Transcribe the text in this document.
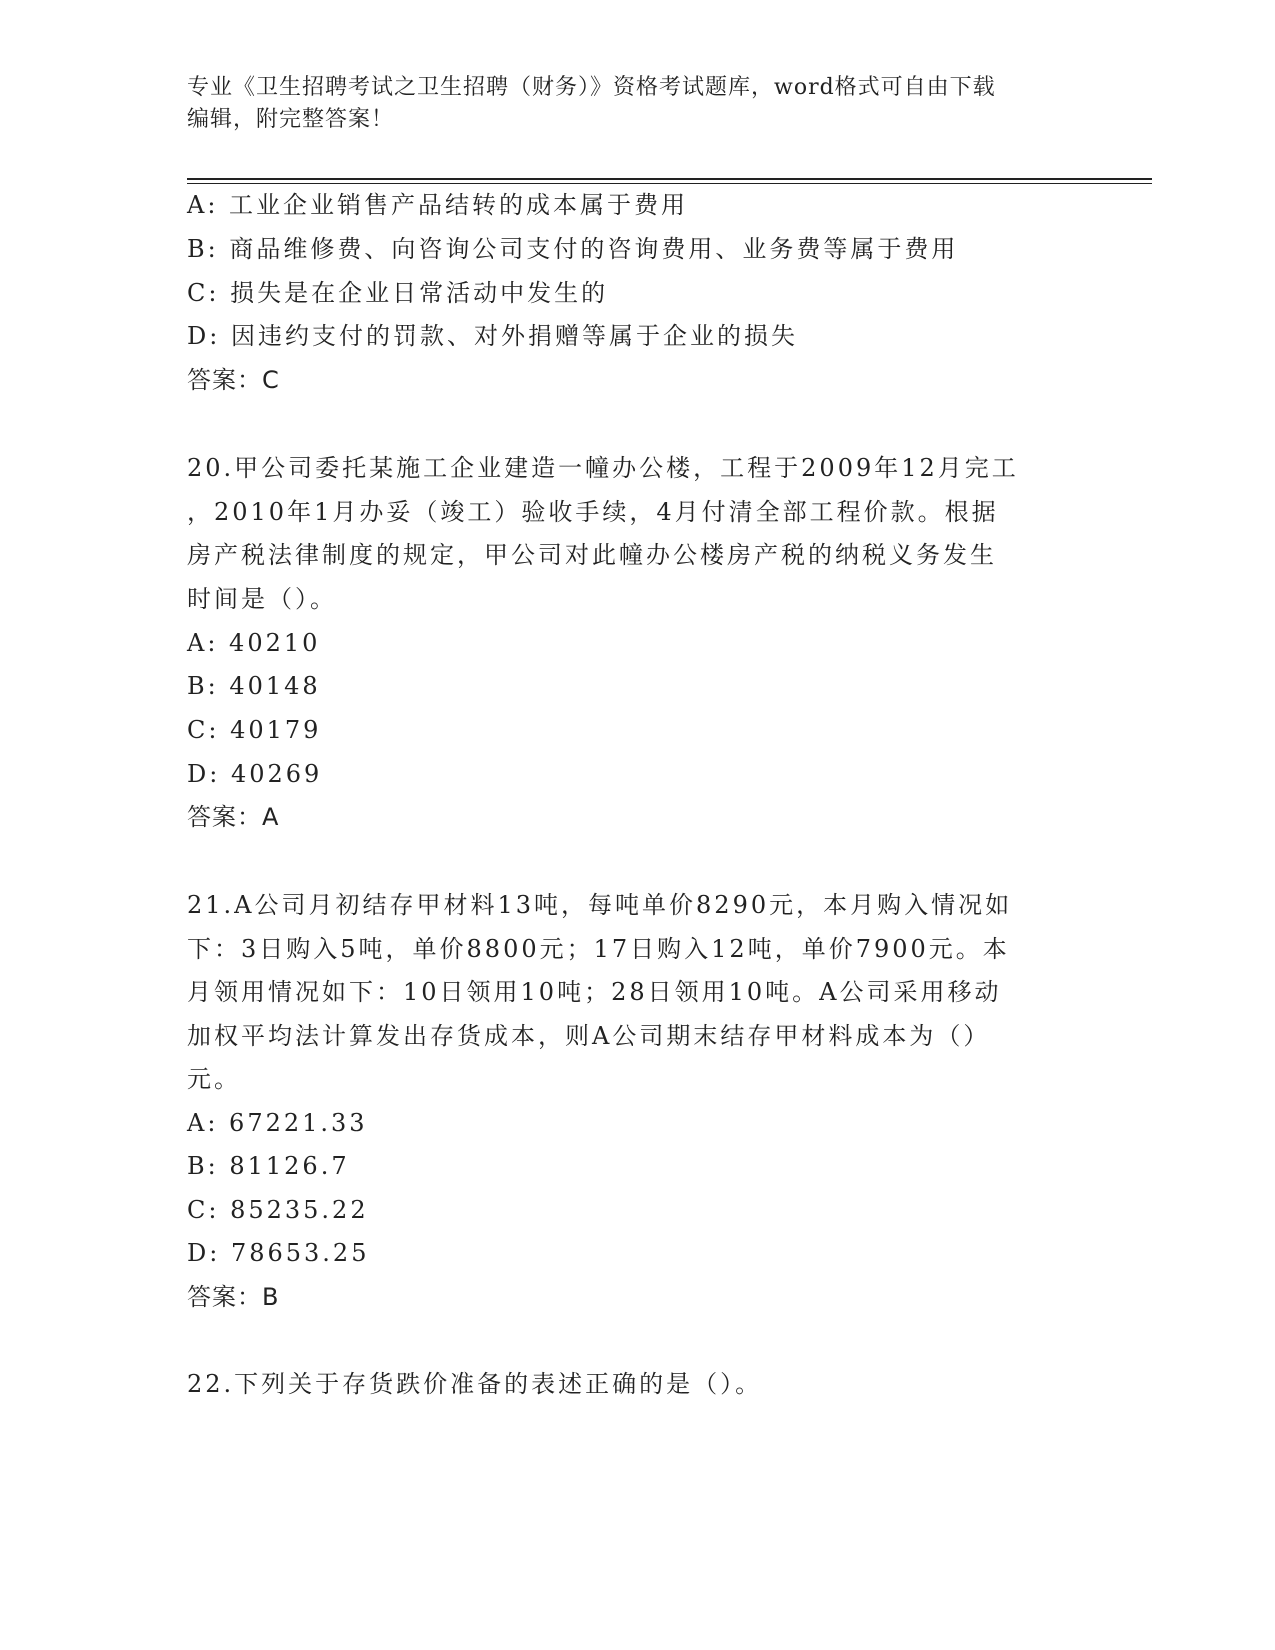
专业《卫生招聘考试之卫生招聘（财务）》资格考试题库，word格式可自由下载
编辑，附完整答案！
A: 工业企业销售产品结转的成本属于费用
B: 商品维修费、向咨询公司支付的咨询费用、业务费等属于费用
C: 损失是在企业日常活动中发生的
D: 因违约支付的罚款、对外捐赠等属于企业的损失
答案：C
20.甲公司委托某施工企业建造一幢办公楼，工程于2009年12月完工
，2010年1月办妥（竣工）验收手续，4月付清全部工程价款。根据
房产税法律制度的规定，甲公司对此幢办公楼房产税的纳税义务发生
时间是（）。
A: 40210
B: 40148
C: 40179
D: 40269
答案：A
21.A公司月初结存甲材料13吨，每吨单价8290元，本月购入情况如
下：3日购入5吨，单价8800元；17日购入12吨，单价7900元。本
月领用情况如下：10日领用10吨；28日领用10吨。A公司采用移动
加权平均法计算发出存货成本，则A公司期末结存甲材料成本为（）
元。
A: 67221.33
B: 81126.7
C: 85235.22
D: 78653.25
答案：B
22.下列关于存货跌价准备的表述正确的是（）。
